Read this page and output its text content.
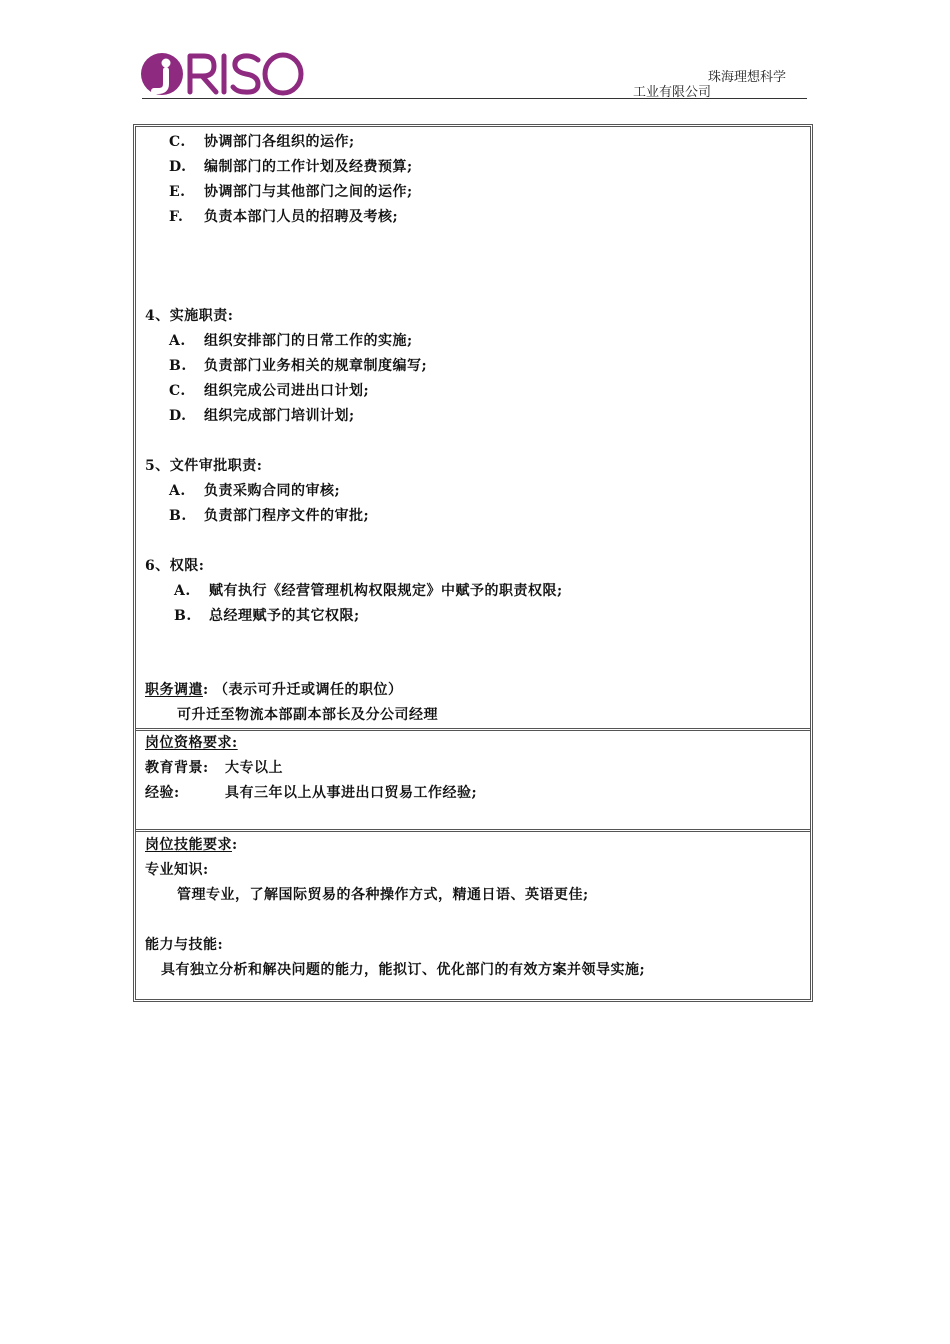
珠海理想科学
工业有限公司
C. 协调部门各组织的运作;
D. 编制部门的工作计划及经费预算;
E. 协调部门与其他部门之间的运作;
F. 负责本部门人员的招聘及考核;
4、实施职责:
A. 组织安排部门的日常工作的实施;
B. 负责部门业务相关的规章制度编写;
C. 组织完成公司进出口计划;
D. 组织完成部门培训计划;
5、文件审批职责:
A. 负责采购合同的审核;
B. 负责部门程序文件的审批;
6、权限:
A. 赋有执行《经营管理机构权限规定》中赋予的职责权限;
B. 总经理赋予的其它权限;
职务调遣: （表示可升迁或调任的职位）
可升迁至物流本部副本部长及分公司经理
岗位资格要求:
教育背景: 大专以上
经验:	具有三年以上从事进出口贸易工作经验;
岗位技能要求:
专业知识:
管理专业，了解国际贸易的各种操作方式，精通日语、英语更佳;
能力与技能:
具有独立分析和解决问题的能力，能拟订、优化部门的有效方案并领导实施;
